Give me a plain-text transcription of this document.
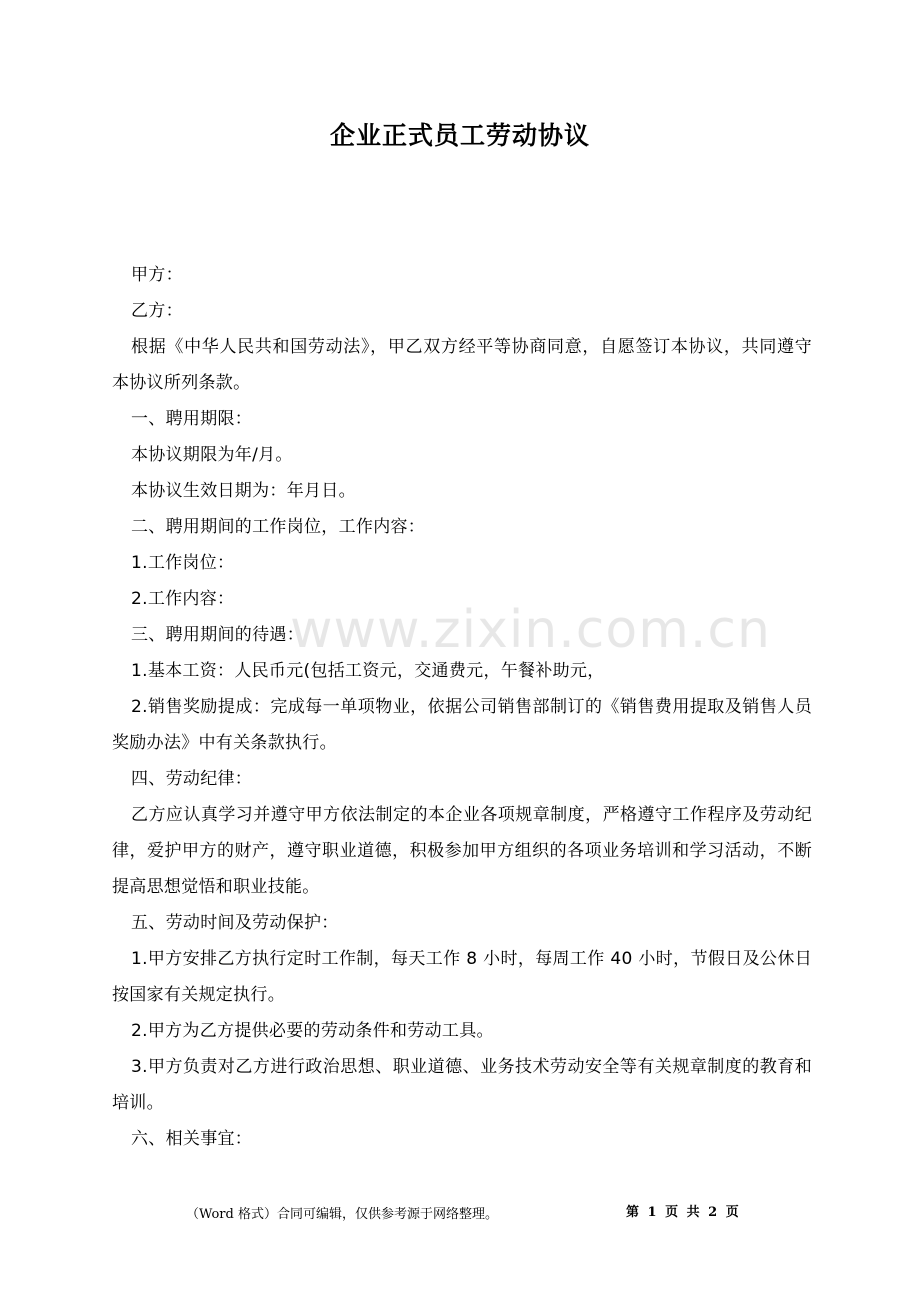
企业正式员工劳动协议

甲方：

乙方：

根据《中华人民共和国劳动法》，甲乙双方经平等协商同意，自愿签订本协议，共同遵守本协议所列条款。

一、聘用期限：

本协议期限为年/月。

本协议生效日期为：年月日。

二、聘用期间的工作岗位，工作内容：

1.工作岗位：

2.工作内容：

三、聘用期间的待遇：

1.基本工资：人民币元(包括工资元，交通费元，午餐补助元，

2.销售奖励提成：完成每一单项物业，依据公司销售部制订的《销售费用提取及销售人员奖励办法》中有关条款执行。

四、劳动纪律：

乙方应认真学习并遵守甲方依法制定的本企业各项规章制度，严格遵守工作程序及劳动纪律，爱护甲方的财产，遵守职业道德，积极参加甲方组织的各项业务培训和学习活动，不断提高思想觉悟和职业技能。

五、劳动时间及劳动保护：

1.甲方安排乙方执行定时工作制，每天工作 8 小时，每周工作 40 小时，节假日及公休日按国家有关规定执行。

2.甲方为乙方提供必要的劳动条件和劳动工具。

3.甲方负责对乙方进行政治思想、职业道德、业务技术劳动安全等有关规章制度的教育和培训。

六、相关事宜：

www.zixin.com.cn
（Word 格式）合同可编辑，仅供参考源于网络整理。	第 1 页 共 2 页
